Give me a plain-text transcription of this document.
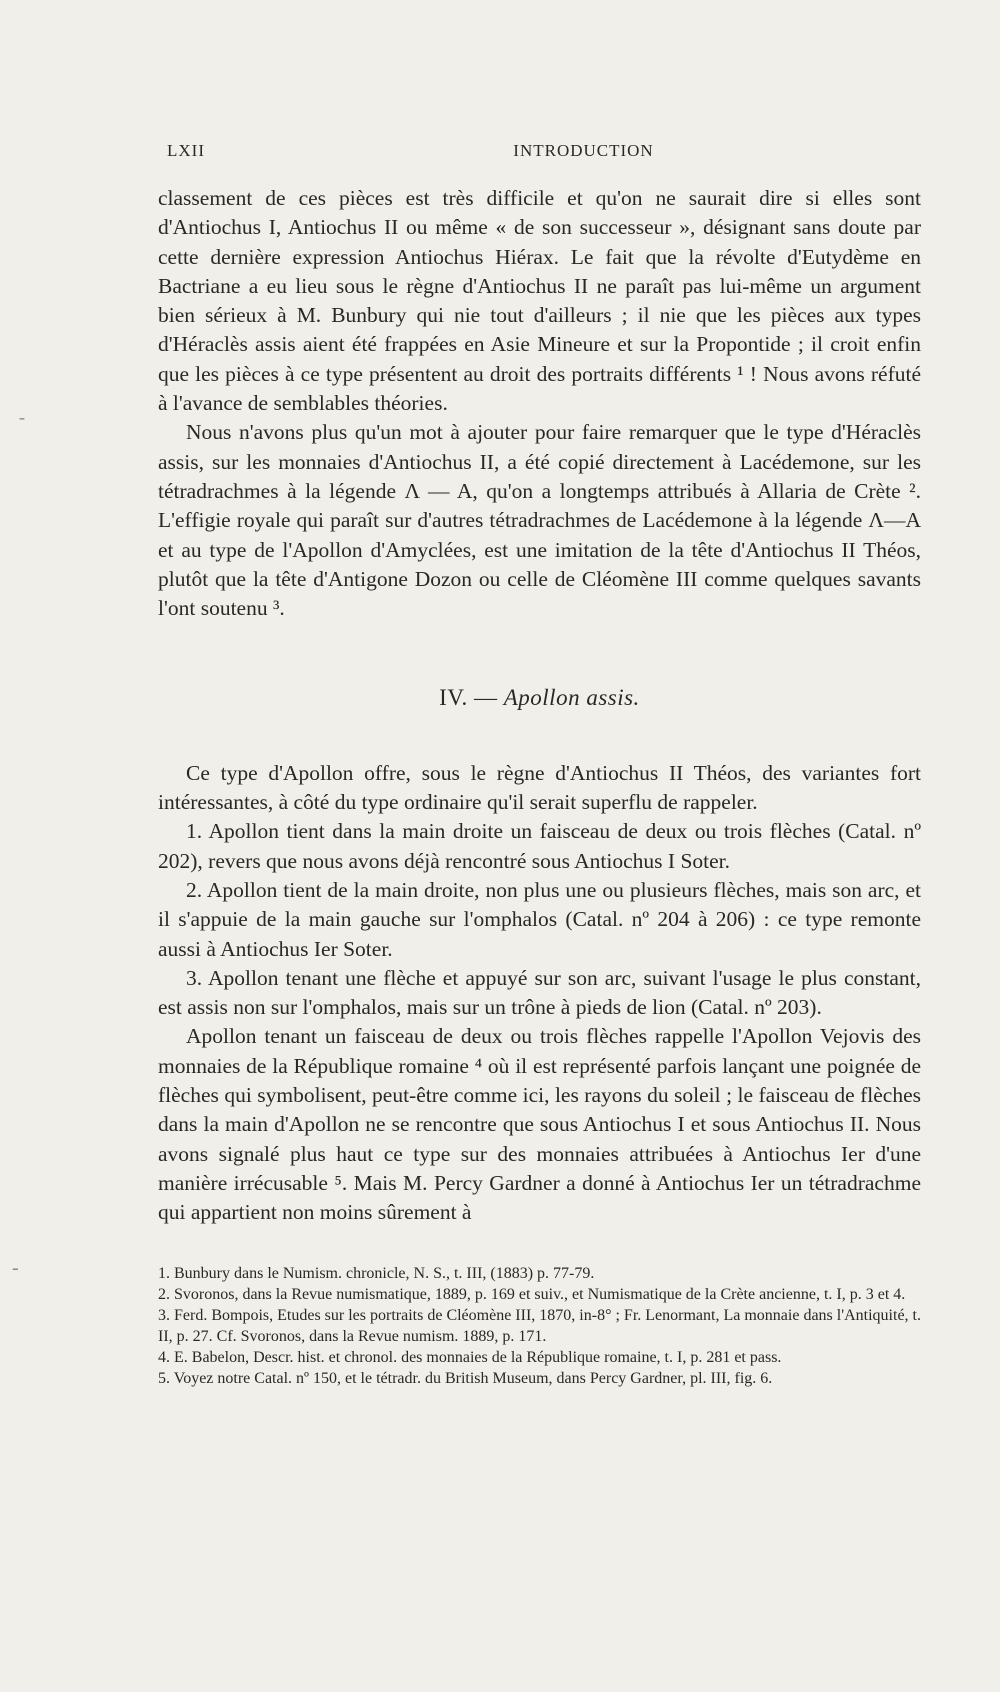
-
-
LXII	INTRODUCTION

classement de ces pièces est très difficile et qu'on ne saurait dire si elles sont d'Antiochus I, Antiochus II ou même « de son successeur », désignant sans doute par cette dernière expression Antiochus Hiérax. Le fait que la révolte d'Eutydème en Bactriane a eu lieu sous le règne d'Antiochus II ne paraît pas lui-même un argument bien sérieux à M. Bunbury qui nie tout d'ailleurs ; il nie que les pièces aux types d'Héraclès assis aient été frappées en Asie Mineure et sur la Propontide ; il croit enfin que les pièces à ce type présentent au droit des portraits différents ¹ ! Nous avons réfuté à l'avance de semblables théories.

Nous n'avons plus qu'un mot à ajouter pour faire remarquer que le type d'Héraclès assis, sur les monnaies d'Antiochus II, a été copié directement à Lacédemone, sur les tétradrachmes à la légende Λ — Α, qu'on a longtemps attribués à Allaria de Crète ². L'effigie royale qui paraît sur d'autres tétradrachmes de Lacédemone à la légende Λ—Α et au type de l'Apollon d'Amyclées, est une imitation de la tête d'Antiochus II Théos, plutôt que la tête d'Antigone Dozon ou celle de Cléomène III comme quelques savants l'ont soutenu ³.

IV. — Apollon assis.

Ce type d'Apollon offre, sous le règne d'Antiochus II Théos, des variantes fort intéressantes, à côté du type ordinaire qu'il serait superflu de rappeler.

1. Apollon tient dans la main droite un faisceau de deux ou trois flèches (Catal. nº 202), revers que nous avons déjà rencontré sous Antiochus I Soter.

2. Apollon tient de la main droite, non plus une ou plusieurs flèches, mais son arc, et il s'appuie de la main gauche sur l'omphalos (Catal. nº 204 à 206) : ce type remonte aussi à Antiochus Ier Soter.

3. Apollon tenant une flèche et appuyé sur son arc, suivant l'usage le plus constant, est assis non sur l'omphalos, mais sur un trône à pieds de lion (Catal. nº 203).

Apollon tenant un faisceau de deux ou trois flèches rappelle l'Apollon Vejovis des monnaies de la République romaine ⁴ où il est représenté parfois lançant une poignée de flèches qui symbolisent, peut-être comme ici, les rayons du soleil ; le faisceau de flèches dans la main d'Apollon ne se rencontre que sous Antiochus I et sous Antiochus II. Nous avons signalé plus haut ce type sur des monnaies attribuées à Antiochus Ier d'une manière irrécusable ⁵. Mais M. Percy Gardner a donné à Antiochus Ier un tétradrachme qui appartient non moins sûrement à

1. Bunbury dans le Numism. chronicle, N. S., t. III, (1883) p. 77-79.

2. Svoronos, dans la Revue numismatique, 1889, p. 169 et suiv., et Numismatique de la Crète ancienne, t. I, p. 3 et 4.

3. Ferd. Bompois, Etudes sur les portraits de Cléomène III, 1870, in-8° ; Fr. Lenormant, La monnaie dans l'Antiquité, t. II, p. 27. Cf. Svoronos, dans la Revue numism. 1889, p. 171.

4. E. Babelon, Descr. hist. et chronol. des monnaies de la République romaine, t. I, p. 281 et pass.

5. Voyez notre Catal. nº 150, et le tétradr. du British Museum, dans Percy Gardner, pl. III, fig. 6.
